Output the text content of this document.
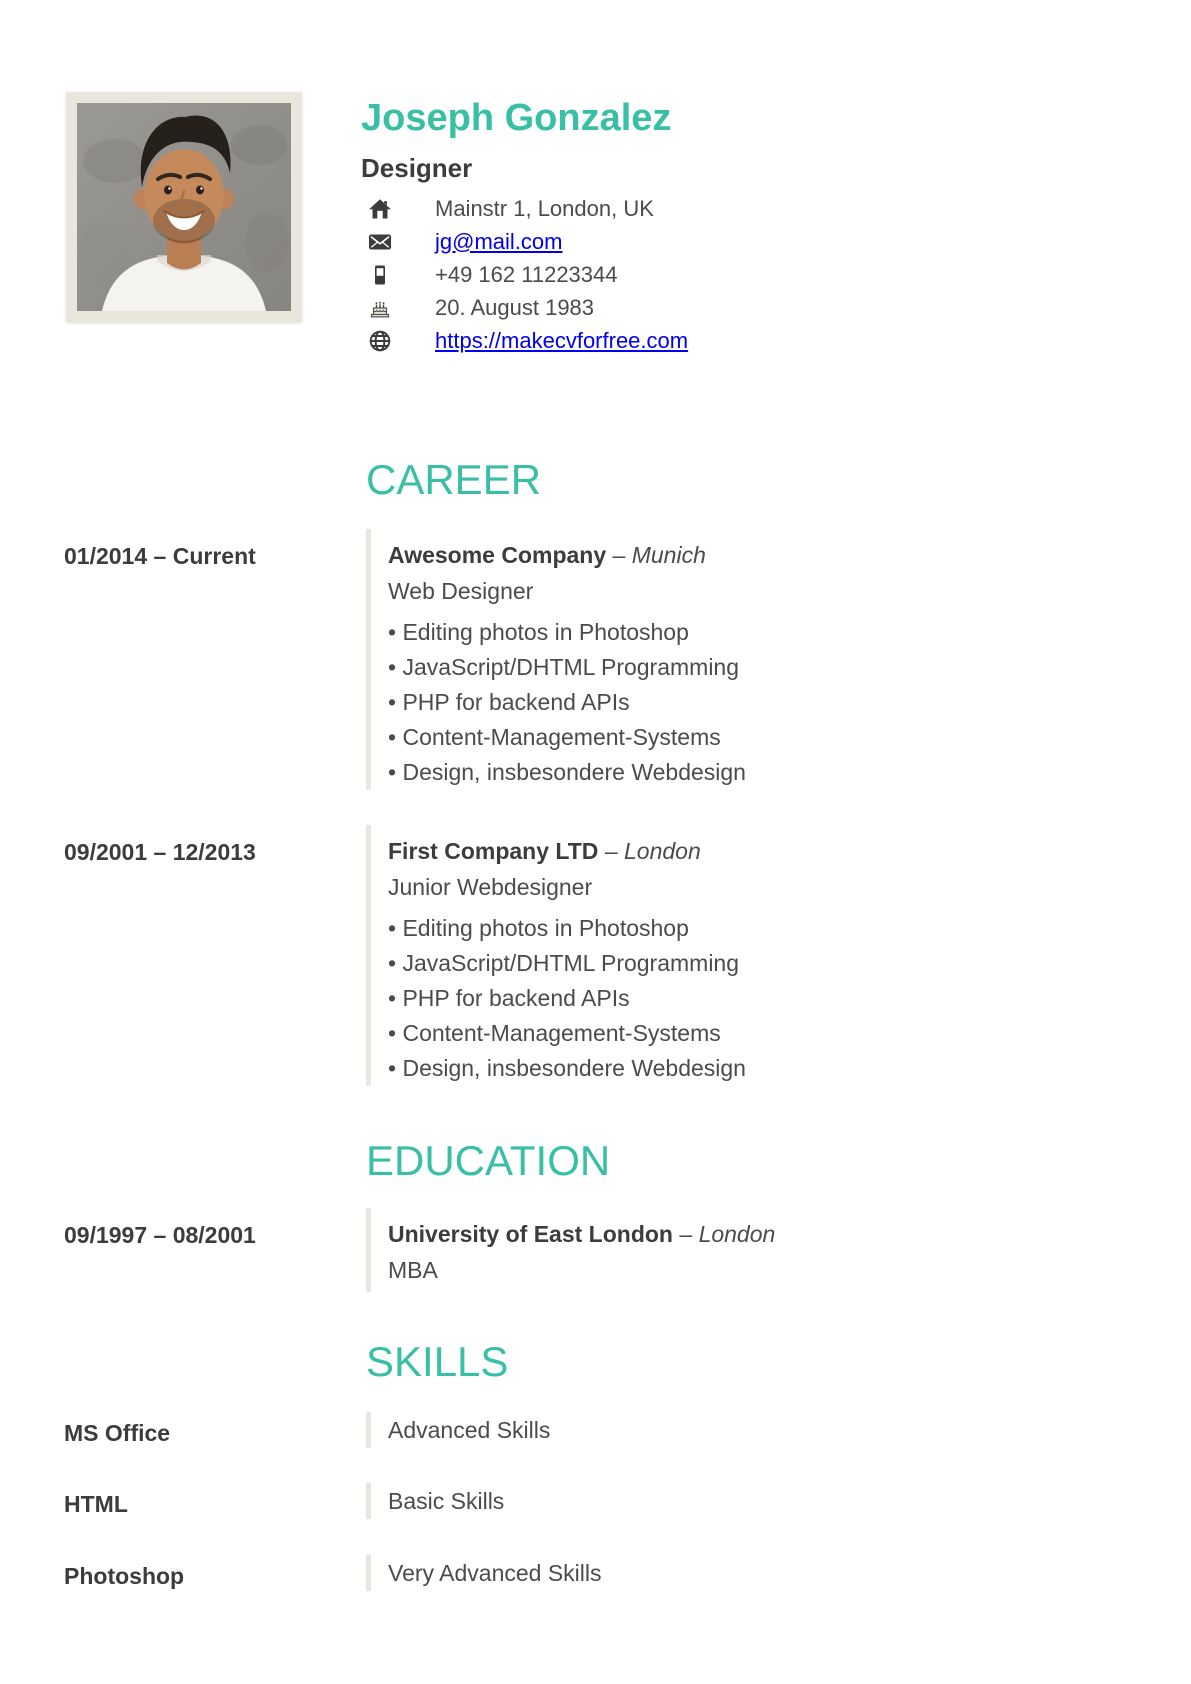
Joseph Gonzalez
Designer
Mainstr 1, London, UK
jg@mail.com
+49 162 11223344
20. August 1983
https://makecvforfree.com
CAREER
01/2014 – Current	Awesome Company – Munich
Web Designer
• Editing photos in Photoshop
• JavaScript/DHTML Programming
• PHP for backend APIs
• Content-Management-Systems
• Design, insbesondere Webdesign
09/2001 – 12/2013	First Company LTD – London
Junior Webdesigner
• Editing photos in Photoshop
• JavaScript/DHTML Programming
• PHP for backend APIs
• Content-Management-Systems
• Design, insbesondere Webdesign
EDUCATION
09/1997 – 08/2001	University of East London – London
MBA
SKILLS
MS Office	Advanced Skills
HTML	Basic Skills
Photoshop	Very Advanced Skills
